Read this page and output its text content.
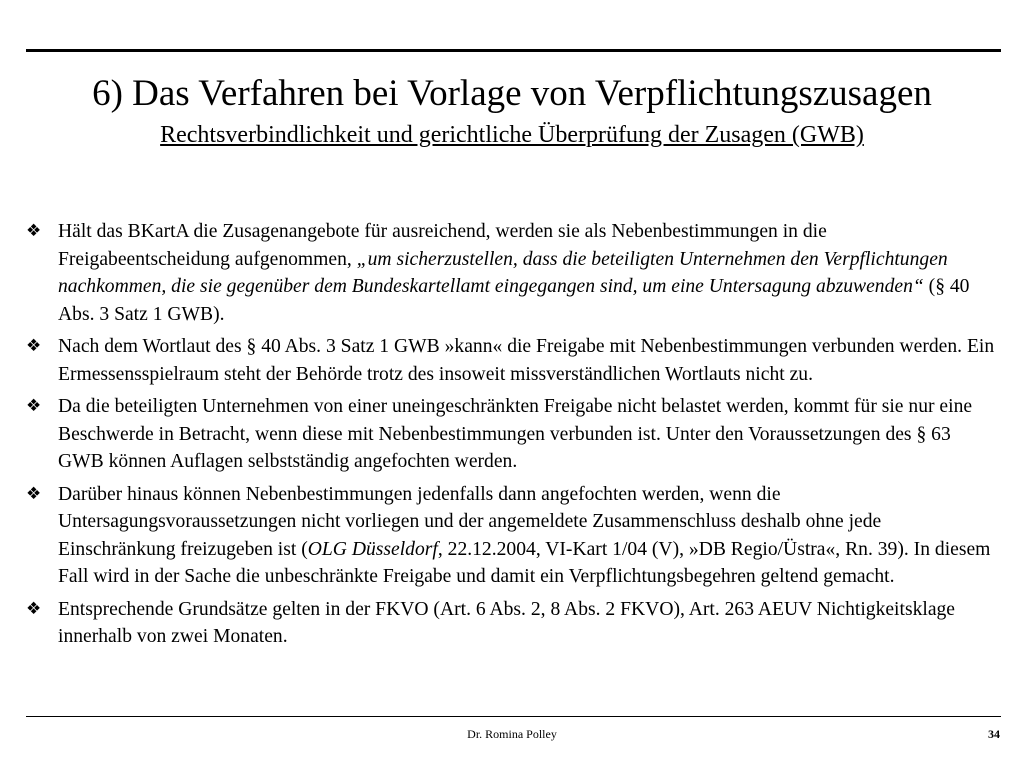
6) Das Verfahren bei Vorlage von Verpflichtungszusagen
Rechtsverbindlichkeit und gerichtliche Überprüfung der Zusagen (GWB)
❖ Hält das BKartA die Zusagenangebote für ausreichend, werden sie als Nebenbestimmungen in die Freigabeentscheidung aufgenommen, „um sicherzustellen, dass die beteiligten Unternehmen den Verpflichtungen nachkommen, die sie gegenüber dem Bundeskartellamt eingegangen sind, um eine Untersagung abzuwenden“ (§ 40 Abs. 3 Satz 1 GWB).
❖ Nach dem Wortlaut des § 40 Abs. 3 Satz 1 GWB »kann« die Freigabe mit Nebenbestimmungen verbunden werden. Ein Ermessensspielraum steht der Behörde trotz des insoweit missverständlichen Wortlauts nicht zu.
❖ Da die beteiligten Unternehmen von einer uneingeschränkten Freigabe nicht belastet werden, kommt für sie nur eine Beschwerde in Betracht, wenn diese mit Nebenbestimmungen verbunden ist. Unter den Voraussetzungen des § 63 GWB können Auflagen selbstständig angefochten werden.
❖ Darüber hinaus können Nebenbestimmungen jedenfalls dann angefochten werden, wenn die Untersagungsvoraussetzungen nicht vorliegen und der angemeldete Zusammenschluss deshalb ohne jede Einschränkung freizugeben ist (OLG Düsseldorf, 22.12.2004, VI-Kart 1/04 (V), »DB Regio/Üstra«, Rn. 39). In diesem Fall wird in der Sache die unbeschränkte Freigabe und damit ein Verpflichtungsbegehren geltend gemacht.
❖ Entsprechende Grundsätze gelten in der FKVO (Art. 6 Abs. 2, 8 Abs. 2 FKVO), Art. 263 AEUV Nichtigkeitsklage innerhalb von zwei Monaten.
Dr. Romina Polley	34
